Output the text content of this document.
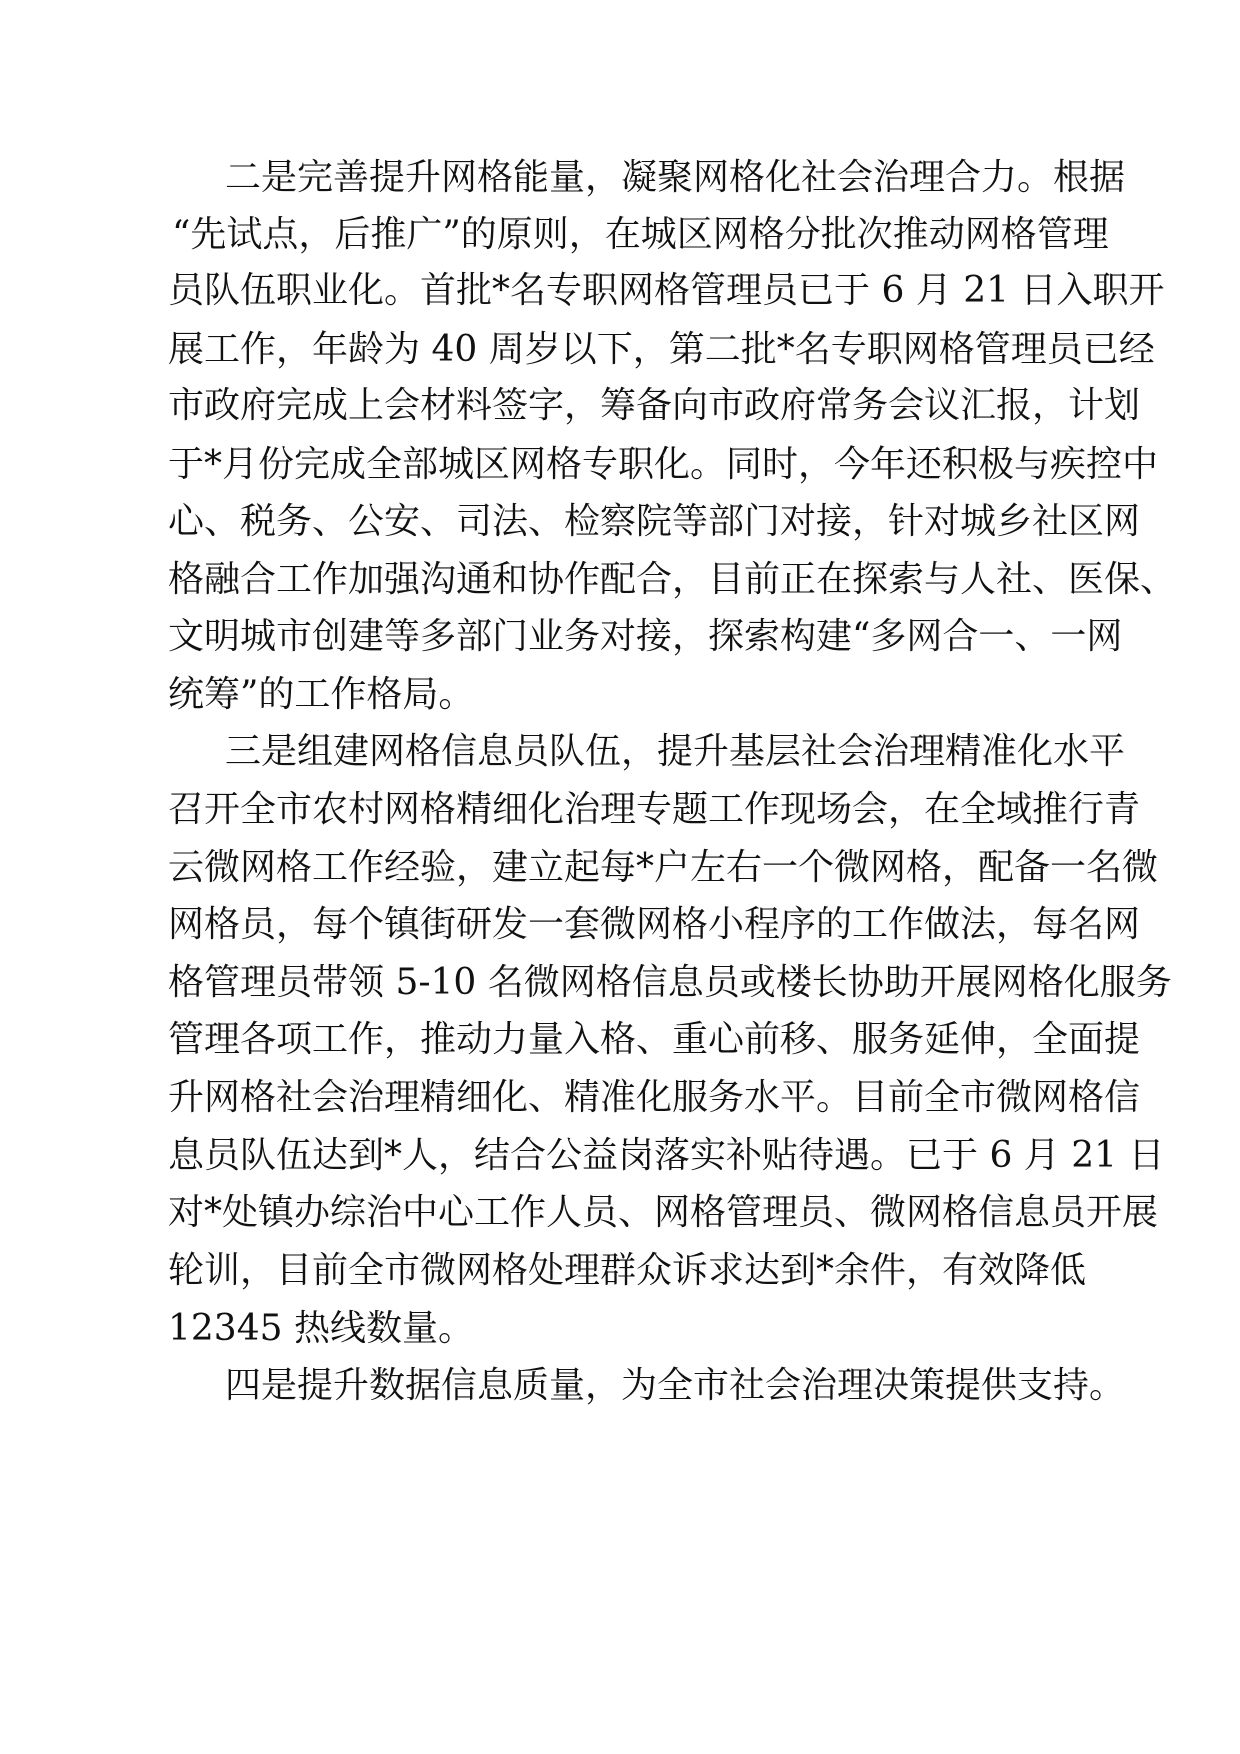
二是完善提升网格能量，凝聚网格化社会治理合力。根据
“先试点，后推广”的原则，在城区网格分批次推动网格管理
员队伍职业化。首批*名专职网格管理员已于 6 月 21 日入职开
展工作，年龄为 40 周岁以下，第二批*名专职网格管理员已经
市政府完成上会材料签字，筹备向市政府常务会议汇报，计划
于*月份完成全部城区网格专职化。同时，今年还积极与疾控中
心、税务、公安、司法、检察院等部门对接，针对城乡社区网
格融合工作加强沟通和协作配合，目前正在探索与人社、医保、
文明城市创建等多部门业务对接，探索构建“多网合一、一网
统筹”的工作格局。
三是组建网格信息员队伍，提升基层社会治理精准化水平
召开全市农村网格精细化治理专题工作现场会，在全域推行青
云微网格工作经验，建立起每*户左右一个微网格，配备一名微
网格员，每个镇街研发一套微网格小程序的工作做法，每名网
格管理员带领 5-10 名微网格信息员或楼长协助开展网格化服务
管理各项工作，推动力量入格、重心前移、服务延伸，全面提
升网格社会治理精细化、精准化服务水平。目前全市微网格信
息员队伍达到*人，结合公益岗落实补贴待遇。已于 6 月 21 日
对*处镇办综治中心工作人员、网格管理员、微网格信息员开展
轮训，目前全市微网格处理群众诉求达到*余件，有效降低
12345 热线数量。
四是提升数据信息质量，为全市社会治理决策提供支持。
